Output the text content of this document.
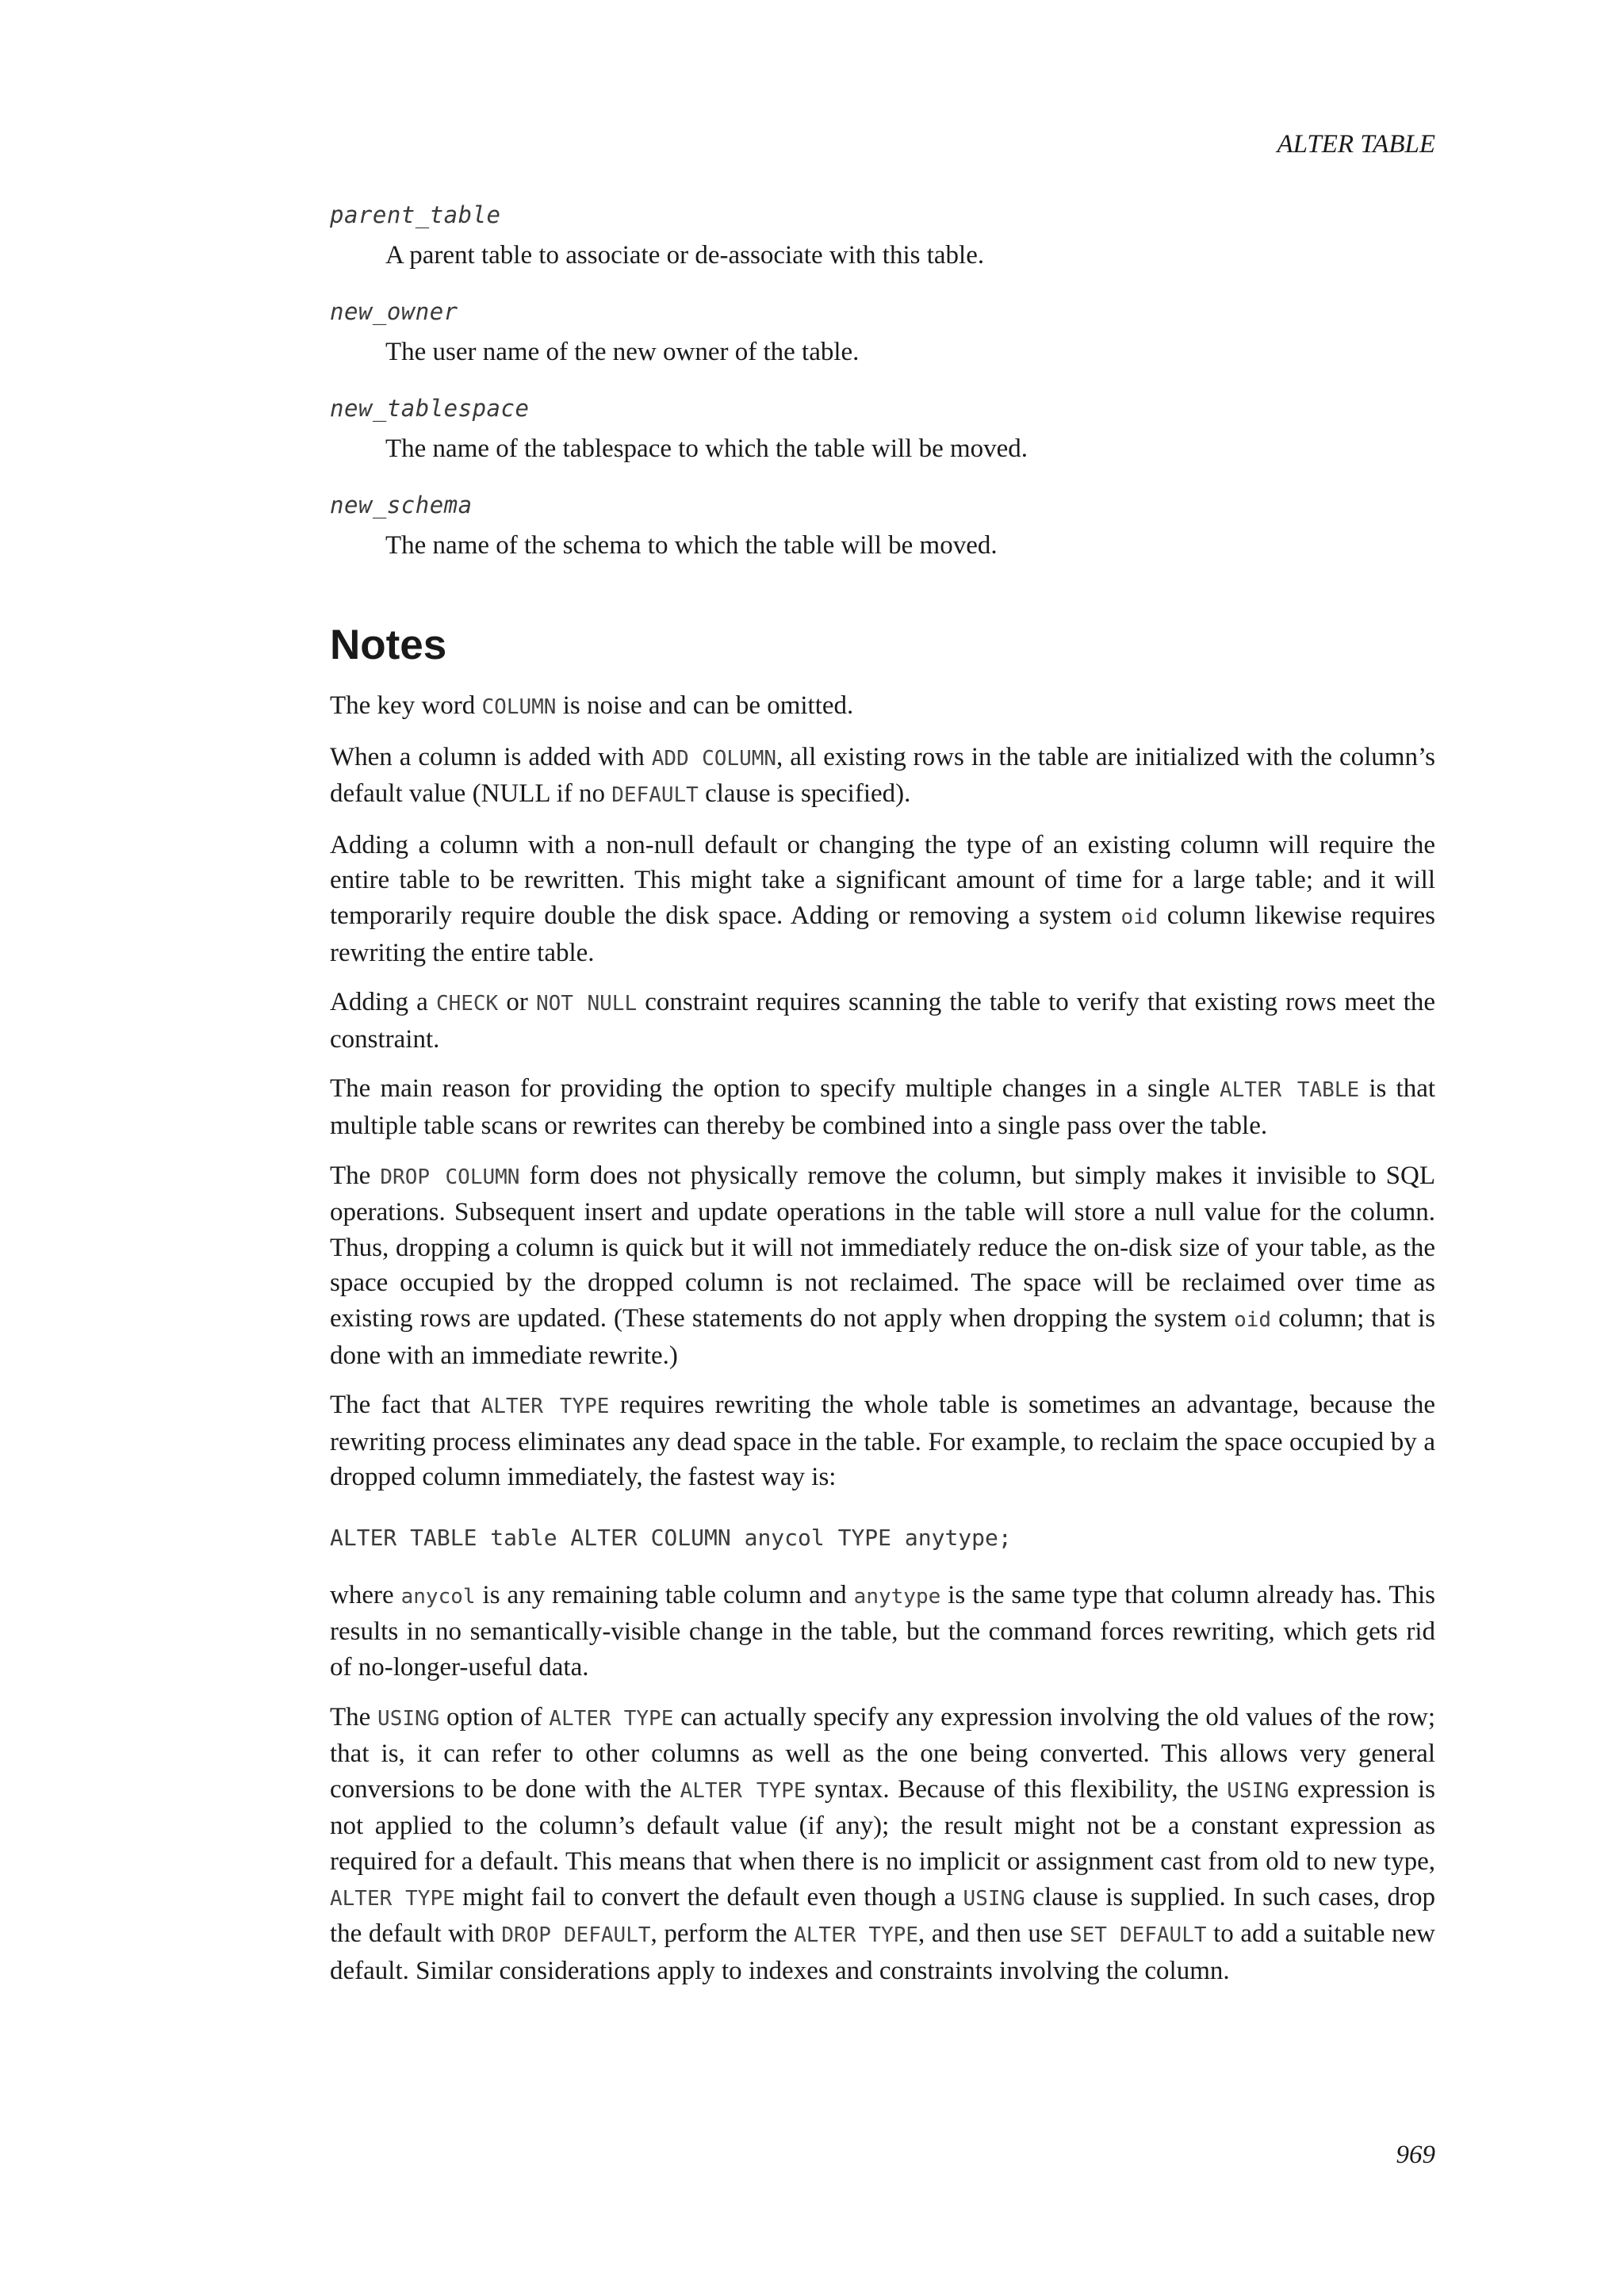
ALTER TABLE

parent_table

A parent table to associate or de-associate with this table.

new_owner

The user name of the new owner of the table.

new_tablespace

The name of the tablespace to which the table will be moved.

new_schema

The name of the schema to which the table will be moved.

Notes

The key word COLUMN is noise and can be omitted.

When a column is added with ADD COLUMN, all existing rows in the table are initialized with the column’s default value (NULL if no DEFAULT clause is specified).

Adding a column with a non-null default or changing the type of an existing column will require the entire table to be rewritten. This might take a significant amount of time for a large table; and it will temporarily require double the disk space. Adding or removing a system oid column likewise requires rewriting the entire table.

Adding a CHECK or NOT NULL constraint requires scanning the table to verify that existing rows meet the constraint.

The main reason for providing the option to specify multiple changes in a single ALTER TABLE is that multiple table scans or rewrites can thereby be combined into a single pass over the table.

The DROP COLUMN form does not physically remove the column, but simply makes it invisible to SQL operations. Subsequent insert and update operations in the table will store a null value for the column. Thus, dropping a column is quick but it will not immediately reduce the on-disk size of your table, as the space occupied by the dropped column is not reclaimed. The space will be reclaimed over time as existing rows are updated. (These statements do not apply when dropping the system oid column; that is done with an immediate rewrite.)

The fact that ALTER TYPE requires rewriting the whole table is sometimes an advantage, because the rewriting process eliminates any dead space in the table. For example, to reclaim the space occupied by a dropped column immediately, the fastest way is:

ALTER TABLE table ALTER COLUMN anycol TYPE anytype;

where anycol is any remaining table column and anytype is the same type that column already has. This results in no semantically-visible change in the table, but the command forces rewriting, which gets rid of no-longer-useful data.

The USING option of ALTER TYPE can actually specify any expression involving the old values of the row; that is, it can refer to other columns as well as the one being converted. This allows very general conversions to be done with the ALTER TYPE syntax. Because of this flexibility, the USING expression is not applied to the column’s default value (if any); the result might not be a constant expression as required for a default. This means that when there is no implicit or assignment cast from old to new type, ALTER TYPE might fail to convert the default even though a USING clause is supplied. In such cases, drop the default with DROP DEFAULT, perform the ALTER TYPE, and then use SET DEFAULT to add a suitable new default. Similar considerations apply to indexes and constraints involving the column.

969
